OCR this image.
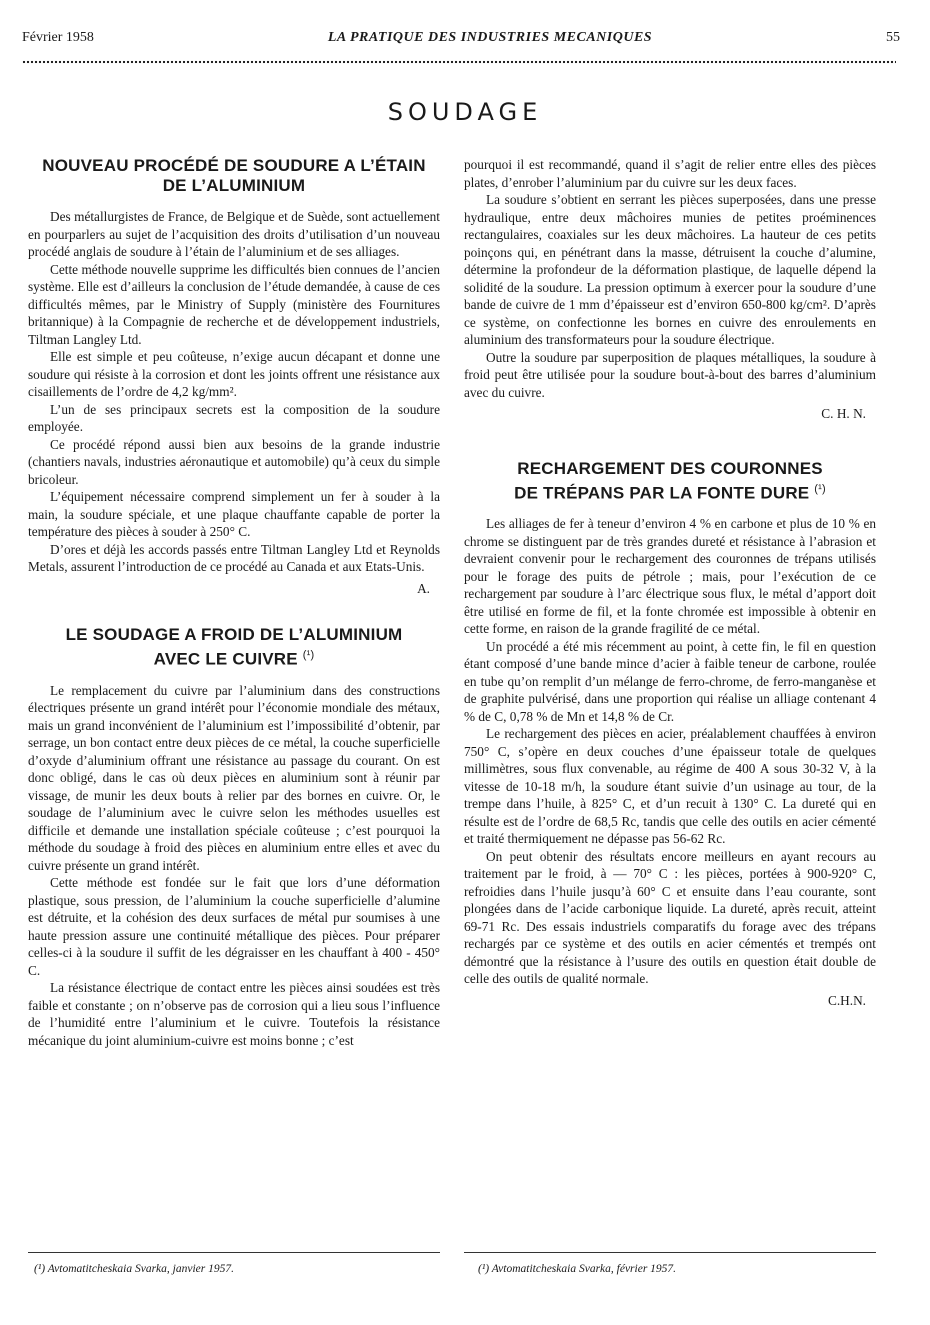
Février 1958	LA PRATIQUE DES INDUSTRIES MECANIQUES	55
SOUDAGE
NOUVEAU PROCÉDÉ DE SOUDURE A L’ÉTAIN
DE L’ALUMINIUM

Des métallurgistes de France, de Belgique et de Suède, sont actuellement en pourparlers au sujet de l’acquisition des droits d’utilisation d’un nouveau procédé anglais de soudure à l’étain de l’aluminium et de ses alliages.

Cette méthode nouvelle supprime les difficultés bien connues de l’ancien système. Elle est d’ailleurs la conclusion de l’étude demandée, à cause de ces difficultés mêmes, par le Ministry of Supply (ministère des Fournitures britannique) à la Compagnie de recherche et de développement industriels, Tiltman Langley Ltd.

Elle est simple et peu coûteuse, n’exige aucun décapant et donne une soudure qui résiste à la corrosion et dont les joints offrent une résistance aux cisaillements de l’ordre de 4,2 kg/mm².

L’un de ses principaux secrets est la composition de la soudure employée.

Ce procédé répond aussi bien aux besoins de la grande industrie (chantiers navals, industries aéronautique et automobile) qu’à ceux du simple bricoleur.

L’équipement nécessaire comprend simplement un fer à souder à la main, la soudure spéciale, et une plaque chauffante capable de porter la température des pièces à souder à 250° C.

D’ores et déjà les accords passés entre Tiltman Langley Ltd et Reynolds Metals, assurent l’introduction de ce procédé au Canada et aux Etats-Unis.

A.
LE SOUDAGE A FROID DE L’ALUMINIUM
AVEC LE CUIVRE $^{(^1)}$

Le remplacement du cuivre par l’aluminium dans des constructions électriques présente un grand intérêt pour l’économie mondiale des métaux, mais un grand inconvénient de l’aluminium est l’impossibilité d’obtenir, par serrage, un bon contact entre deux pièces de ce métal, la couche superficielle d’oxyde d’aluminium offrant une résistance au passage du courant. On est donc obligé, dans le cas où deux pièces en aluminium sont à réunir par vissage, de munir les deux bouts à relier par des bornes en cuivre. Or, le soudage de l’aluminium avec le cuivre selon les méthodes usuelles est difficile et demande une installation spéciale coûteuse ; c’est pourquoi la méthode du soudage à froid des pièces en aluminium entre elles et avec du cuivre présente un grand intérêt.

Cette méthode est fondée sur le fait que lors d’une déformation plastique, sous pression, de l’aluminium la couche superficielle d’alumine est détruite, et la cohésion des deux surfaces de métal pur soumises à une haute pression assure une continuité métallique des pièces. Pour préparer celles-ci à la soudure il suffit de les dégraisser en les chauffant à 400 - 450° C.

La résistance électrique de contact entre les pièces ainsi soudées est très faible et constante ; on n’observe pas de corrosion qui a lieu sous l’influence de l’humidité entre l’aluminium et le cuivre. Toutefois la résistance mécanique du joint aluminium-cuivre est moins bonne ; c’est

pourquoi il est recommandé, quand il s’agit de relier entre elles des pièces plates, d’enrober l’aluminium par du cuivre sur les deux faces.

La soudure s’obtient en serrant les pièces superposées, dans une presse hydraulique, entre deux mâchoires munies de petites proéminences rectangulaires, coaxiales sur les deux mâchoires. La hauteur de ces petits poinçons qui, en pénétrant dans la masse, détruisent la couche d’alumine, détermine la profondeur de la déformation plastique, de laquelle dépend la solidité de la soudure. La pression optimum à exercer pour la soudure d’une bande de cuivre de 1 mm d’épaisseur est d’environ 650-800 kg/cm². D’après ce système, on confectionne les bornes en cuivre des enroulements en aluminium des transformateurs pour la soudure électrique.

Outre la soudure par superposition de plaques métalliques, la soudure à froid peut être utilisée pour la soudure bout-à-bout des barres d’aluminium avec du cuivre.

C. H. N.
RECHARGEMENT DES COURONNES
DE TRÉPANS PAR LA FONTE DURE $^{(^1)}$

Les alliages de fer à teneur d’environ 4 % en carbone et plus de 10 % en chrome se distinguent par de très grandes dureté et résistance à l’abrasion et devraient convenir pour le rechargement des couronnes de trépans utilisés pour le forage des puits de pétrole ; mais, pour l’exécution de ce rechargement par soudure à l’arc électrique sous flux, le métal d’apport doit être utilisé en forme de fil, et la fonte chromée est impossible à obtenir en cette forme, en raison de la grande fragilité de ce métal.

Un procédé a été mis récemment au point, à cette fin, le fil en question étant composé d’une bande mince d’acier à faible teneur de carbone, roulée en tube qu’on remplit d’un mélange de ferro-chrome, de ferro-manganèse et de graphite pulvérisé, dans une proportion qui réalise un alliage contenant 4 % de C, 0,78 % de Mn et 14,8 % de Cr.

Le rechargement des pièces en acier, préalablement chauffées à environ 750° C, s’opère en deux couches d’une épaisseur totale de quelques millimètres, sous flux convenable, au régime de 400 A sous 30-32 V, à la vitesse de 10-18 m/h, la soudure étant suivie d’un usinage au tour, de la trempe dans l’huile, à 825° C, et d’un recuit à 130° C. La dureté qui en résulte est de l’ordre de 68,5 Rc, tandis que celle des outils en acier cémenté et traité thermiquement ne dépasse pas 56-62 Rc.

On peut obtenir des résultats encore meilleurs en ayant recours au traitement par le froid, à — 70° C : les pièces, portées à 900-920° C, refroidies dans l’huile jusqu’à 60° C et ensuite dans l’eau courante, sont plongées dans de l’acide carbonique liquide. La dureté, après recuit, atteint 69-71 Rc. Des essais industriels comparatifs du forage avec des trépans rechargés par ce système et des outils en acier cémentés et trempés ont démontré que la résistance à l’usure des outils en question était double de celle des outils de qualité normale.

C.H.N.
(¹) Avtomatitcheskaia Svarka, janvier 1957.	(¹) Avtomatitcheskaia Svarka, février 1957.
